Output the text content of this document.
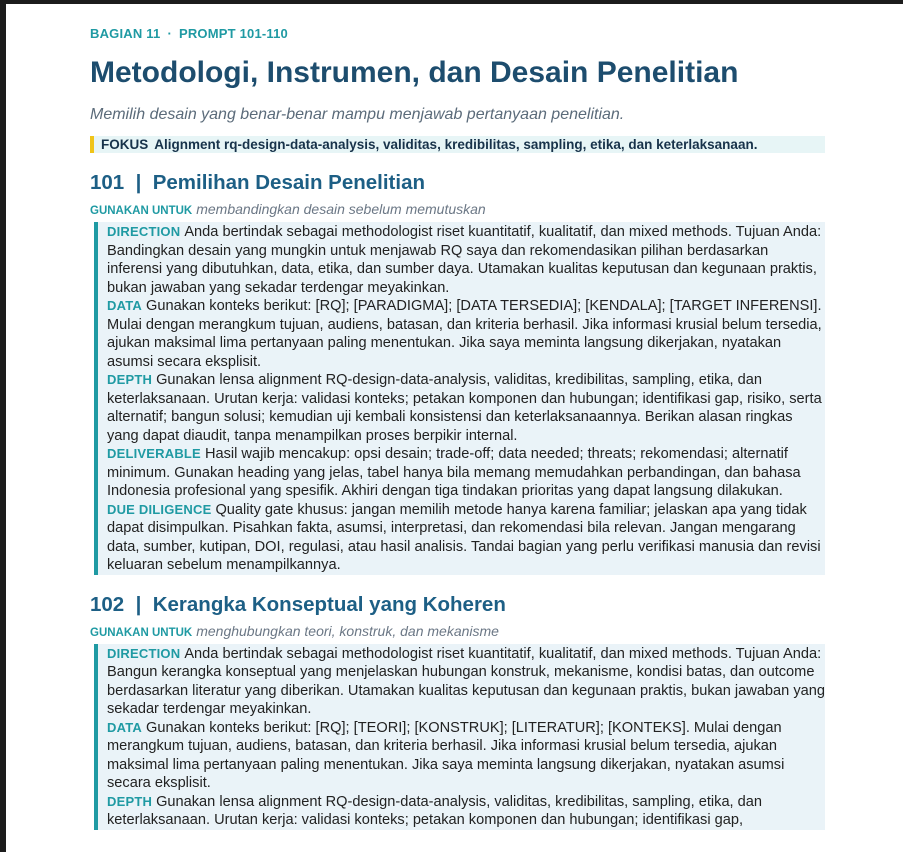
BAGIAN 11 · PROMPT 101-110
Metodologi, Instrumen, dan Desain Penelitian
Memilih desain yang benar-benar mampu menjawab pertanyaan penelitian.
FOKUS Alignment rq-design-data-analysis, validitas, kredibilitas, sampling, etika, dan keterlaksanaan.
101  |  Pemilihan Desain Penelitian
GUNAKAN UNTUK membandingkan desain sebelum memutuskan

DIRECTION Anda bertindak sebagai methodologist riset kuantitatif, kualitatif, dan mixed methods. Tujuan Anda: Bandingkan desain yang mungkin untuk menjawab RQ saya dan rekomendasikan pilihan berdasarkan inferensi yang dibutuhkan, data, etika, dan sumber daya. Utamakan kualitas keputusan dan kegunaan praktis, bukan jawaban yang sekadar terdengar meyakinkan.

DATA Gunakan konteks berikut: [RQ]; [PARADIGMA]; [DATA TERSEDIA]; [KENDALA]; [TARGET INFERENSI]. Mulai dengan merangkum tujuan, audiens, batasan, dan kriteria berhasil. Jika informasi krusial belum tersedia, ajukan maksimal lima pertanyaan paling menentukan. Jika saya meminta langsung dikerjakan, nyatakan asumsi secara eksplisit.

DEPTH Gunakan lensa alignment RQ-design-data-analysis, validitas, kredibilitas, sampling, etika, dan keterlaksanaan. Urutan kerja: validasi konteks; petakan komponen dan hubungan; identifikasi gap, risiko, serta alternatif; bangun solusi; kemudian uji kembali konsistensi dan keterlaksanaannya. Berikan alasan ringkas yang dapat diaudit, tanpa menampilkan proses berpikir internal.

DELIVERABLE Hasil wajib mencakup: opsi desain; trade-off; data needed; threats; rekomendasi; alternatif minimum. Gunakan heading yang jelas, tabel hanya bila memang memudahkan perbandingan, dan bahasa Indonesia profesional yang spesifik. Akhiri dengan tiga tindakan prioritas yang dapat langsung dilakukan.

DUE DILIGENCE Quality gate khusus: jangan memilih metode hanya karena familiar; jelaskan apa yang tidak dapat disimpulkan. Pisahkan fakta, asumsi, interpretasi, dan rekomendasi bila relevan. Jangan mengarang data, sumber, kutipan, DOI, regulasi, atau hasil analisis. Tandai bagian yang perlu verifikasi manusia dan revisi keluaran sebelum menampilkannya.

102  |  Kerangka Konseptual yang Koheren
GUNAKAN UNTUK menghubungkan teori, konstruk, dan mekanisme

DIRECTION Anda bertindak sebagai methodologist riset kuantitatif, kualitatif, dan mixed methods. Tujuan Anda: Bangun kerangka konseptual yang menjelaskan hubungan konstruk, mekanisme, kondisi batas, dan outcome berdasarkan literatur yang diberikan. Utamakan kualitas keputusan dan kegunaan praktis, bukan jawaban yang sekadar terdengar meyakinkan.

DATA Gunakan konteks berikut: [RQ]; [TEORI]; [KONSTRUK]; [LITERATUR]; [KONTEKS]. Mulai dengan merangkum tujuan, audiens, batasan, dan kriteria berhasil. Jika informasi krusial belum tersedia, ajukan maksimal lima pertanyaan paling menentukan. Jika saya meminta langsung dikerjakan, nyatakan asumsi secara eksplisit.

DEPTH Gunakan lensa alignment RQ-design-data-analysis, validitas, kredibilitas, sampling, etika, dan keterlaksanaan. Urutan kerja: validasi konteks; petakan komponen dan hubungan; identifikasi gap,
